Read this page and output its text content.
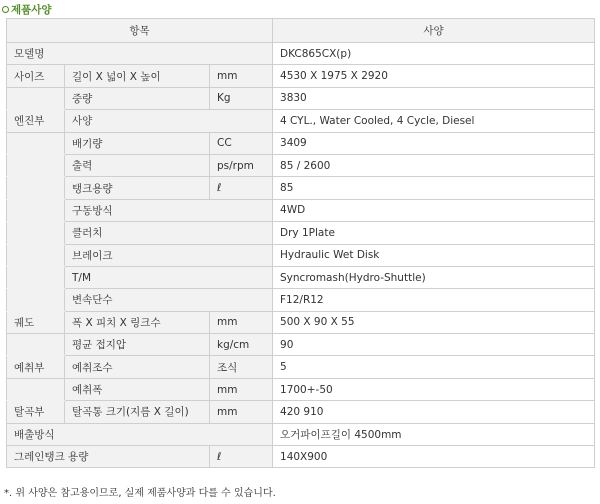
제품사양
항목			사양
모델명			DKC865CX(p)
사이즈	길이 X 넓이 X 높이	mm	4530 X 1975 X 2920
	중량	Kg	3830
엔진부	사양		4 CYL., Water Cooled, 4 Cycle, Diesel
	배기량	CC	3409
	출력	ps/rpm	85 / 2600
	탱크용량	ℓ	85
	구동방식		4WD
	클러치		Dry 1Plate
	브레이크		Hydraulic Wet Disk
	T/M		Syncromash(Hydro-Shuttle)
	변속단수		F12/R12
궤도	폭 X 피치 X 링크수	mm	500 X 90 X 55
	평균 접지압	kg/cm	90
예취부	예취조수	조식	5
	예취폭	mm	1700+-50
탈곡부	탈곡통 크기(지름 X 길이)	mm	420 910
배출방식			오거파이프길이 4500mm
그레인탱크 용량		ℓ	140X900
*. 위 사양은 참고용이므로, 실제 제품사양과 다를 수 있습니다.
